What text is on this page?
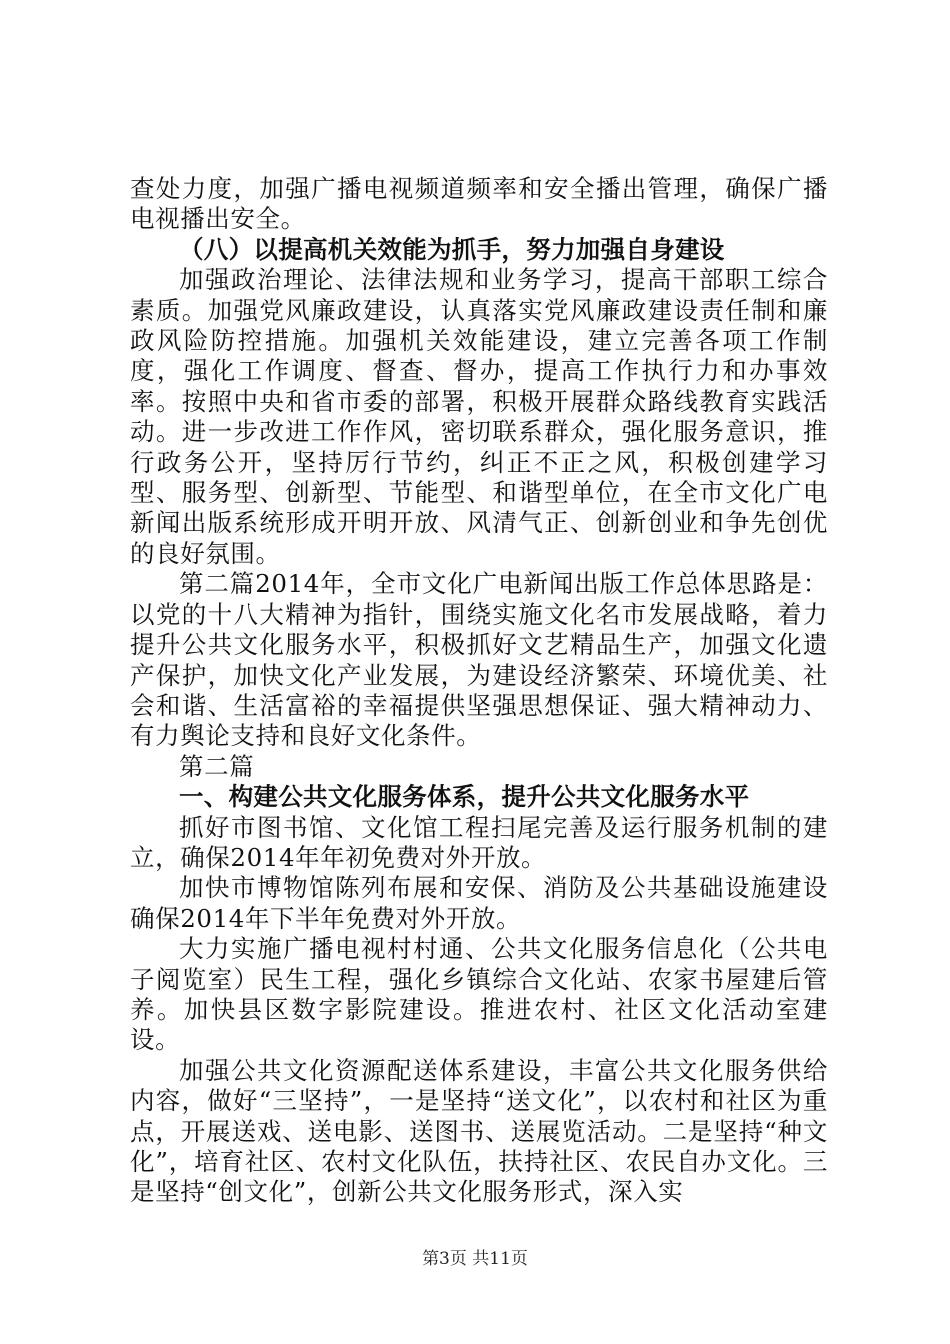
查处力度，加强广播电视频道频率和安全播出管理，确保广播电视播出安全。

（八）以提高机关效能为抓手，努力加强自身建设

加强政治理论、法律法规和业务学习，提高干部职工综合素质。加强党风廉政建设，认真落实党风廉政建设责任制和廉政风险防控措施。加强机关效能建设，建立完善各项工作制度，强化工作调度、督查、督办，提高工作执行力和办事效率。按照中央和省市委的部署，积极开展群众路线教育实践活动。进一步改进工作作风，密切联系群众，强化服务意识，推行政务公开，坚持厉行节约，纠正不正之风，积极创建学习型、服务型、创新型、节能型、和谐型单位，在全市文化广电新闻出版系统形成开明开放、风清气正、创新创业和争先创优的良好氛围。

第二篇2014年，全市文化广电新闻出版工作总体思路是：以党的十八大精神为指针，围绕实施文化名市发展战略，着力提升公共文化服务水平，积极抓好文艺精品生产，加强文化遗产保护，加快文化产业发展，为建设经济繁荣、环境优美、社会和谐、生活富裕的幸福提供坚强思想保证、强大精神动力、有力舆论支持和良好文化条件。

第二篇

一、构建公共文化服务体系，提升公共文化服务水平

抓好市图书馆、文化馆工程扫尾完善及运行服务机制的建立，确保2014年年初免费对外开放。

加快市博物馆陈列布展和安保、消防及公共基础设施建设确保2014年下半年免费对外开放。

大力实施广播电视村村通、公共文化服务信息化（公共电子阅览室）民生工程，强化乡镇综合文化站、农家书屋建后管养。加快县区数字影院建设。推进农村、社区文化活动室建设。

加强公共文化资源配送体系建设，丰富公共文化服务供给内容，做好“三坚持”，一是坚持“送文化”，以农村和社区为重点，开展送戏、送电影、送图书、送展览活动。二是坚持“种文化”，培育社区、农村文化队伍，扶持社区、农民自办文化。三是坚持“创文化”，创新公共文化服务形式，深入实

第3页 共11页
